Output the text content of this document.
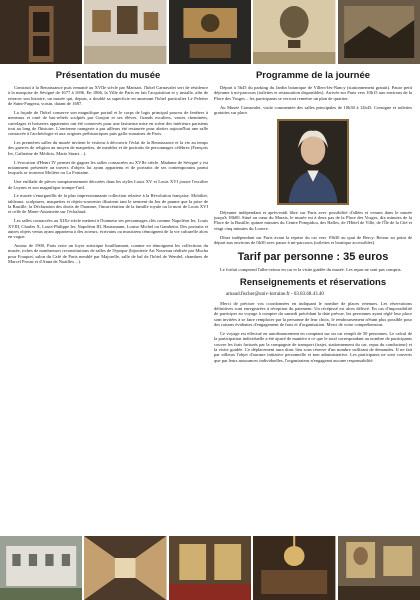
Présentation du musée

Construit à la Renaissance puis remanié au XVIIe siècle par Mansart, l'hôtel Carnavalet sert de résidence à la marquise de Sévigné de 1677 à 1696. En 1866, la Ville de Paris en fait l'acquisition et y installe, afin de retracer son histoire, un musée qui, depuis, a doublé sa superficie en annexant l'hôtel particulier Le Peletier de Saint-Fargeau, voisin, datant de 1687.

La façade de l'hôtel conserve son magnifique portail et le corps de logis principal pourvu de fenêtres à meneaux et orné de bas-reliefs sculptés par Goujon et ses élèves. Grands escaliers, vastes cheminées, carrelages et boiseries apparentes ont été conservés pour une fastueuse mise en scène des intérieurs parisiens tout au long de l'histoire. L'ancienne orangerie a par ailleurs été restaurée pour abriter aujourd'hui une salle consacrée à l'archéologie et aux origines préhistoriques puis gallo-romaines de Paris.

Les premières salles du musée invitent le visiteur à découvrir l'éclat de la Renaissance et la vie au temps des guerres de religion au moyen de maquettes, de meubles et de portraits de personnages célèbres (François Ier, Catherine de Médicis, Marie Stuart…).

L'évocation d'Henri IV permet de gagner les salles consacrées au XVIIe siècle. Madame de Sévigné y est notamment présentée au travers d'objets lui ayant appartenu et de portraits de ses contemporains parmi lesquels se trouvent Molière ou La Fontaine.

Une enfilade de pièces somptueusement décorées dans les styles Louis XV et Louis XVI jouxte l'escalier de Luynes et son magnifique trompe-l'œil.

Le musée s'enorgueillit de la plus impressionnante collection relative à la Révolution française. Mobilier, tableaux, sculptures, maquettes et objets-souvenirs illustrent tant le serment du Jeu de paume que la prise de la Bastille, la Déclaration des droits de l'homme, l'incarcération de la famille royale ou la mort de Louis XVI et celle de Marie-Antoinette sur l'échafaud.

Les salles consacrées au XIXe siècle mettent à l'honneur ses personnages clés comme Napoléon Ier, Louis XVIII, Charles X, Louis-Philippe Ier, Napoléon III, Haussmann, Louise Michel ou Gambetta. Des portraits et autres objets venus ayant appartenu à des acteurs, écrivains ou musiciens témoignent de la vie culturelle alors en vogue.

Autour de 1900, Paris reste un foyer artistique bouillonnant, comme en témoignent les collections du musée, riches de nombreuses reconstitutions de salles de l'époque (bijouterie Art Nouveau réalisée par Mucha pour Fouquet, salon du Café de Paris meublé par Majorelle, salle de bal de l'hôtel de Wendel, chambres de Marcel Proust et d'Anna de Noailles…).

Programme de la journée

Départ à 5h45 du parking du Jardin botanique de Villers-lès-Nancy (stationnement gratuit). Pause petit déjeuner à mi-parcours (toilettes et restauration disponibles). Arrivée sur Paris vers 10h15 aux environs de la Place des Vosges – les participants se verront remettre un plan de quartier.

Au Musée Carnavalet, visite commentée des salles principales de 10h30 à 12h45. Consigne et toilettes gratuites sur place.

Déjeuner indépendant et après-midi libre sur Paris avec possibilité d'allées et venues dans le musée jusqu'à 18h00. Situé au cœur du Marais, le musée est à deux pas de la Place des Vosges, dix minutes de la Place de la Bastille, quinze minutes du Centre Pompidou, des Halles, de l'Hôtel de Ville, de l'Île de la Cité et vingt cinq minutes du Louvre.

Dîner indépendant sur Paris avant la reprise du car vers 19h30 au quai de Bercy. Retour au point de départ aux environs de 0h30 avec pause à mi-parcours (toilettes et boutique accessibles).

Tarif par personne : 35 euros

Le forfait comprend l'aller-retour en car et la visite guidée du musée. Les repas ne sont pas compris.

Renseignements et réservations
arnaud.fischer@univ-lorraine.fr - 03.83.68.43.40

Merci de préciser vos coordonnées en indiquant le nombre de places retenues. Les réservations définitives sont enregistrées à réception du paiement. Un récépissé est alors délivré. En cas d'impossibilité de participer au voyage à compter du samedi précédant la date prévue, les personnes ayant réglé leur place sont invitées à se faire remplacer par la personne de leur choix, le remboursement n'étant plus possible pour des raisons évidentes d'engagement de frais et d'organisation. Merci de votre compréhension.

Ce voyage est effectué en autofinancement en comptant sur un car rempli de 50 personnes. Le calcul de la participation individuelle a été ajusté de manière à ce que le total correspondant au nombre de participants couvre les frais facturés par la compagnie de transport (trajet, stationnement du car, repas du conducteur) et la visite guidée. Ce déplacement aura donc lieu sous réserve d'un nombre suffisant de demandes. Il ne fait par ailleurs l'objet d'aucune initiative personnelle et non administrative. Les participants ne sont couverts que par leurs assurances individuelles, l'organisateur n'engageant aucune responsabilité.
